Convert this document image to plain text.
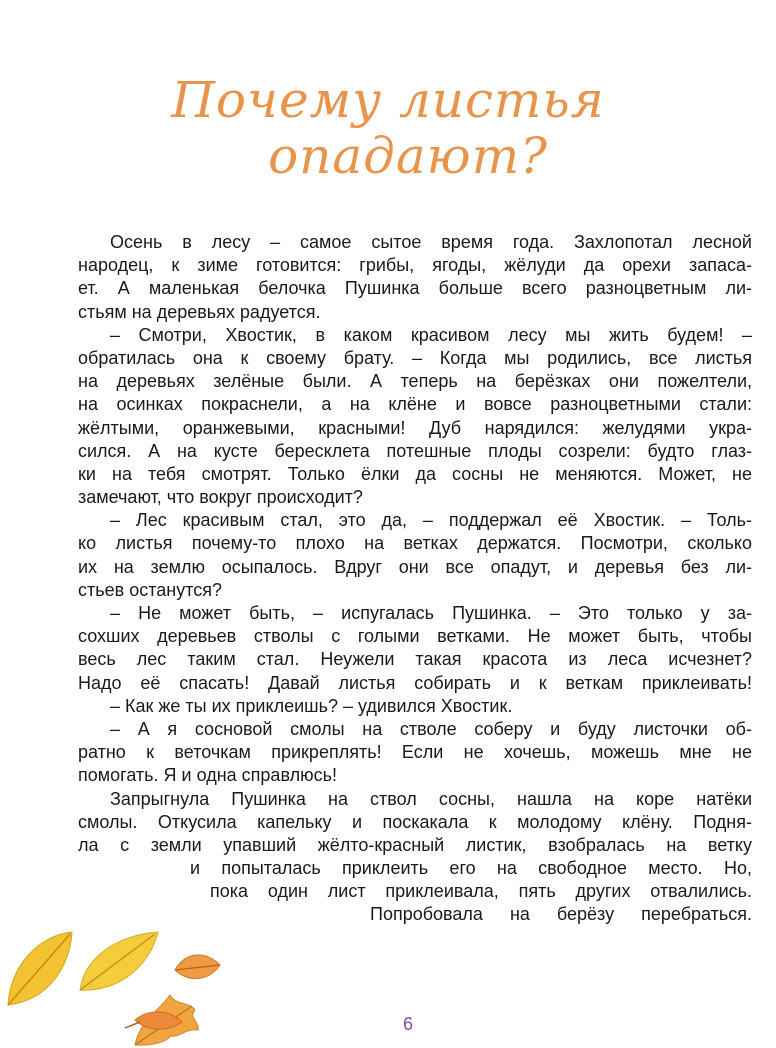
Почему листья
опадают?
Осень в лесу – самое сытое время года. Захлопотал лесной
народец, к зиме готовится: грибы, ягоды, жёлуди да орехи запаса-
ет. А маленькая белочка Пушинка больше всего разноцветным ли-
стьям на деревьях радуется.
– Смотри, Хвостик, в каком красивом лесу мы жить будем! –
обратилась она к своему брату. – Когда мы родились, все листья
на деревьях зелёные были. А теперь на берёзках они пожелтели,
на осинках покраснели, а на клёне и вовсе разноцветными стали:
жёлтыми, оранжевыми, красными! Дуб нарядился: желудями укра-
сился. А на кусте бересклета потешные плоды созрели: будто глаз-
ки на тебя смотрят. Только ёлки да сосны не меняются. Может, не
замечают, что вокруг происходит?
– Лес красивым стал, это да, – поддержал её Хвостик. – Толь-
ко листья почему-то плохо на ветках держатся. Посмотри, сколько
их на землю осыпалось. Вдруг они все опадут, и деревья без ли-
стьев останутся?
– Не может быть, – испугалась Пушинка. – Это только у за-
сохших деревьев стволы с голыми ветками. Не может быть, чтобы
весь лес таким стал. Неужели такая красота из леса исчезнет?
Надо её спасать! Давай листья собирать и к веткам приклеивать!
– Как же ты их приклеишь? – удивился Хвостик.
– А я сосновой смолы на стволе соберу и буду листочки об-
ратно к веточкам прикреплять! Если не хочешь, можешь мне не
помогать. Я и одна справлюсь!
Запрыгнула Пушинка на ствол сосны, нашла на коре натёки
смолы. Откусила капельку и поскакала к молодому клёну. Подня-
ла с земли упавший жёлто-красный листик, взобралась на ветку
и попыталась приклеить его на свободное место. Но,
пока один лист приклеивала, пять других отвалились.
Попробовала на берёзу перебраться.
6
